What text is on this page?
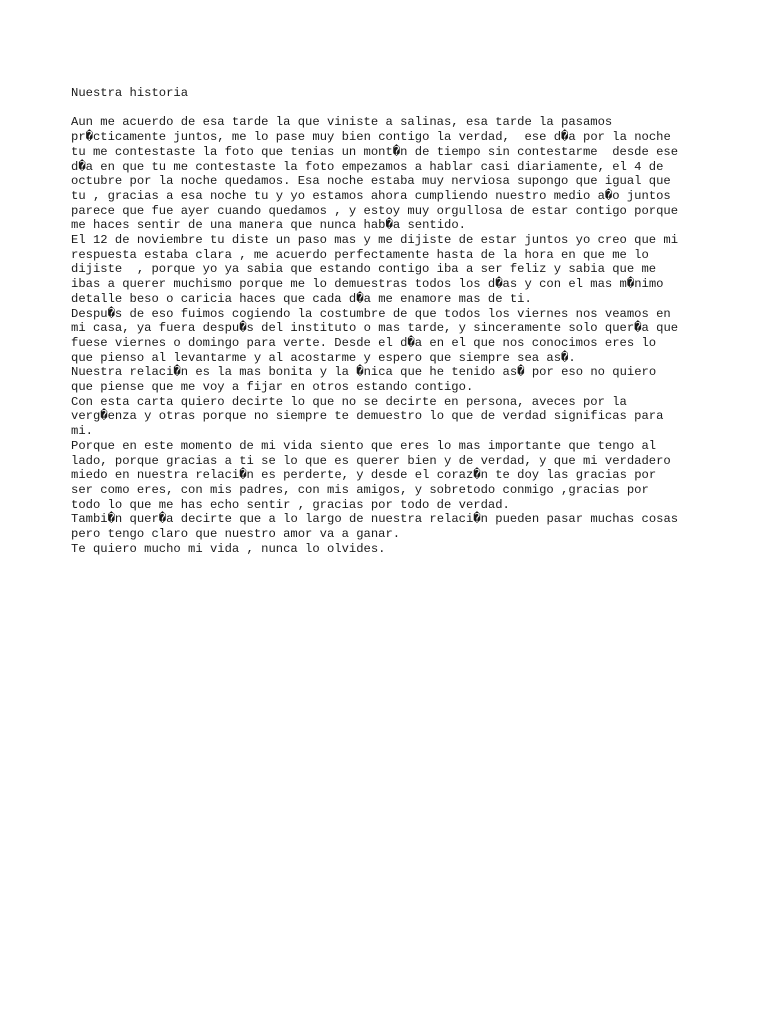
Nuestra historia
Aun me acuerdo de esa tarde la que viniste a salinas, esa tarde la pasamos
pr�cticamente juntos, me lo pase muy bien contigo la verdad,  ese d�a por la noche
tu me contestaste la foto que tenias un mont�n de tiempo sin contestarme  desde ese
d�a en que tu me contestaste la foto empezamos a hablar casi diariamente, el 4 de
octubre por la noche quedamos. Esa noche estaba muy nerviosa supongo que igual que
tu , gracias a esa noche tu y yo estamos ahora cumpliendo nuestro medio a�o juntos
parece que fue ayer cuando quedamos , y estoy muy orgullosa de estar contigo porque
me haces sentir de una manera que nunca hab�a sentido.
El 12 de noviembre tu diste un paso mas y me dijiste de estar juntos yo creo que mi
respuesta estaba clara , me acuerdo perfectamente hasta de la hora en que me lo
dijiste  , porque yo ya sabia que estando contigo iba a ser feliz y sabia que me
ibas a querer muchismo porque me lo demuestras todos los d�as y con el mas m�nimo
detalle beso o caricia haces que cada d�a me enamore mas de ti.
Despu�s de eso fuimos cogiendo la costumbre de que todos los viernes nos veamos en
mi casa, ya fuera despu�s del instituto o mas tarde, y sinceramente solo quer�a que
fuese viernes o domingo para verte. Desde el d�a en el que nos conocimos eres lo
que pienso al levantarme y al acostarme y espero que siempre sea as�.
Nuestra relaci�n es la mas bonita y la �nica que he tenido as� por eso no quiero
que piense que me voy a fijar en otros estando contigo.
Con esta carta quiero decirte lo que no se decirte en persona, aveces por la
verg�enza y otras porque no siempre te demuestro lo que de verdad significas para
mi.
Porque en este momento de mi vida siento que eres lo mas importante que tengo al
lado, porque gracias a ti se lo que es querer bien y de verdad, y que mi verdadero
miedo en nuestra relaci�n es perderte, y desde el coraz�n te doy las gracias por
ser como eres, con mis padres, con mis amigos, y sobretodo conmigo ,gracias por
todo lo que me has echo sentir , gracias por todo de verdad.
Tambi�n quer�a decirte que a lo largo de nuestra relaci�n pueden pasar muchas cosas
pero tengo claro que nuestro amor va a ganar.
Te quiero mucho mi vida , nunca lo olvides.
